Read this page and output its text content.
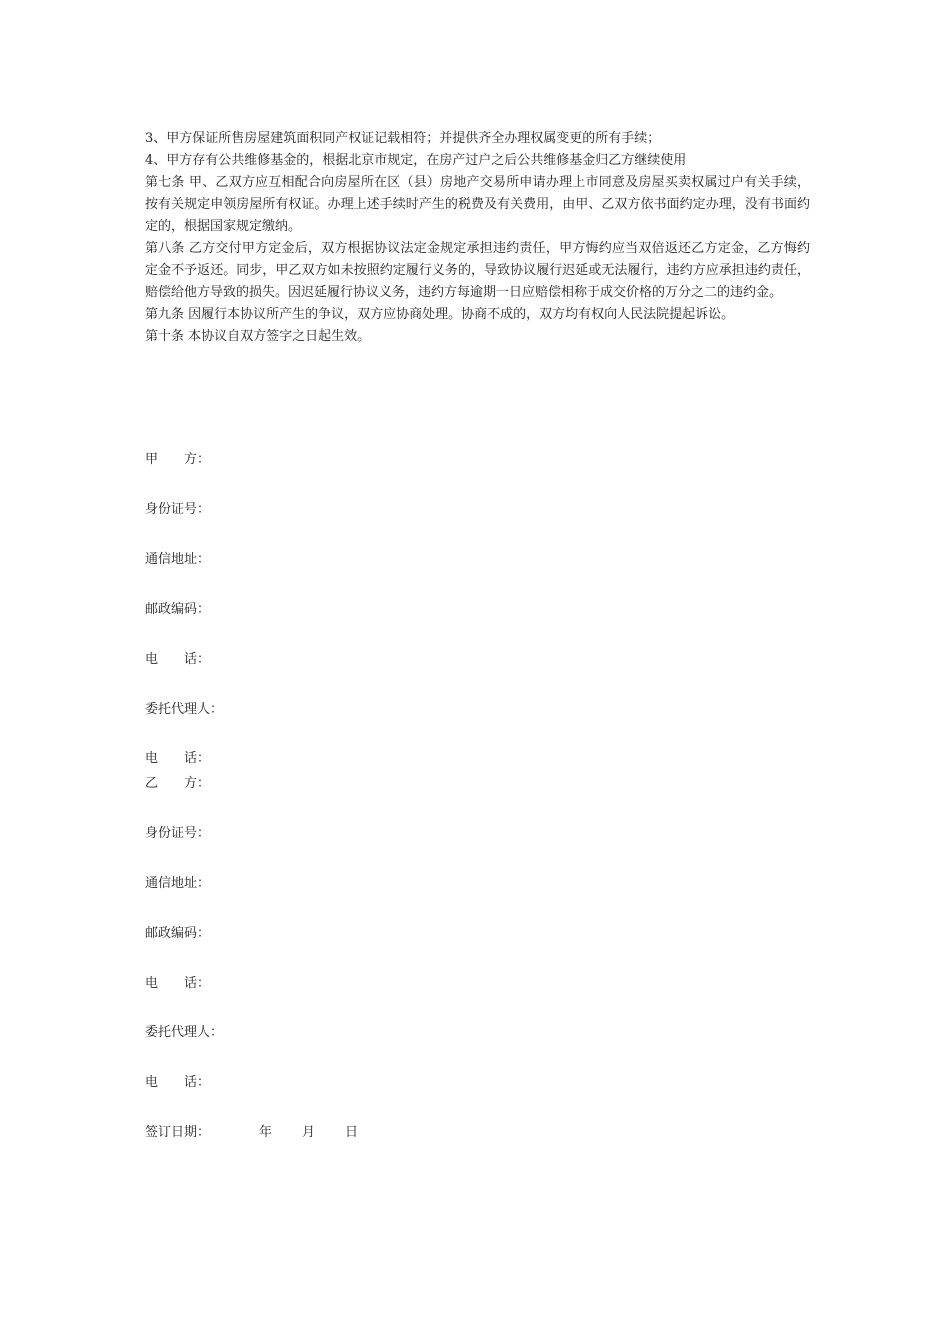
3、甲方保证所售房屋建筑面积同产权证记载相符；并提供齐全办理权属变更的所有手续；

4、甲方存有公共维修基金的，根据北京市规定，在房产过户之后公共维修基金归乙方继续使用

第七条 甲、乙双方应互相配合向房屋所在区（县）房地产交易所申请办理上市同意及房屋买卖权属过户有关手续，按有关规定申领房屋所有权证。办理上述手续时产生的税费及有关费用，由甲、乙双方依书面约定办理，没有书面约定的，根据国家规定缴纳。

第八条 乙方交付甲方定金后，双方根据协议法定金规定承担违约责任，甲方悔约应当双倍返还乙方定金，乙方悔约定金不予返还。同步，甲乙双方如未按照约定履行义务的，导致协议履行迟延或无法履行，违约方应承担违约责任，赔偿给他方导致的损失。因迟延履行协议义务，违约方每逾期一日应赔偿相称于成交价格的万分之二的违约金。

第九条 因履行本协议所产生的争议，双方应协商处理。协商不成的，双方均有权向人民法院提起诉讼。

第十条 本协议自双方签字之日起生效。

甲　　方：
身份证号：
通信地址：
邮政编码：
电　　话：
委托代理人：
电　　话：
乙　　方：
身份证号：
通信地址：
邮政编码：
电　　话：
委托代理人：
电　　话：
签订日期：	年 月 日
